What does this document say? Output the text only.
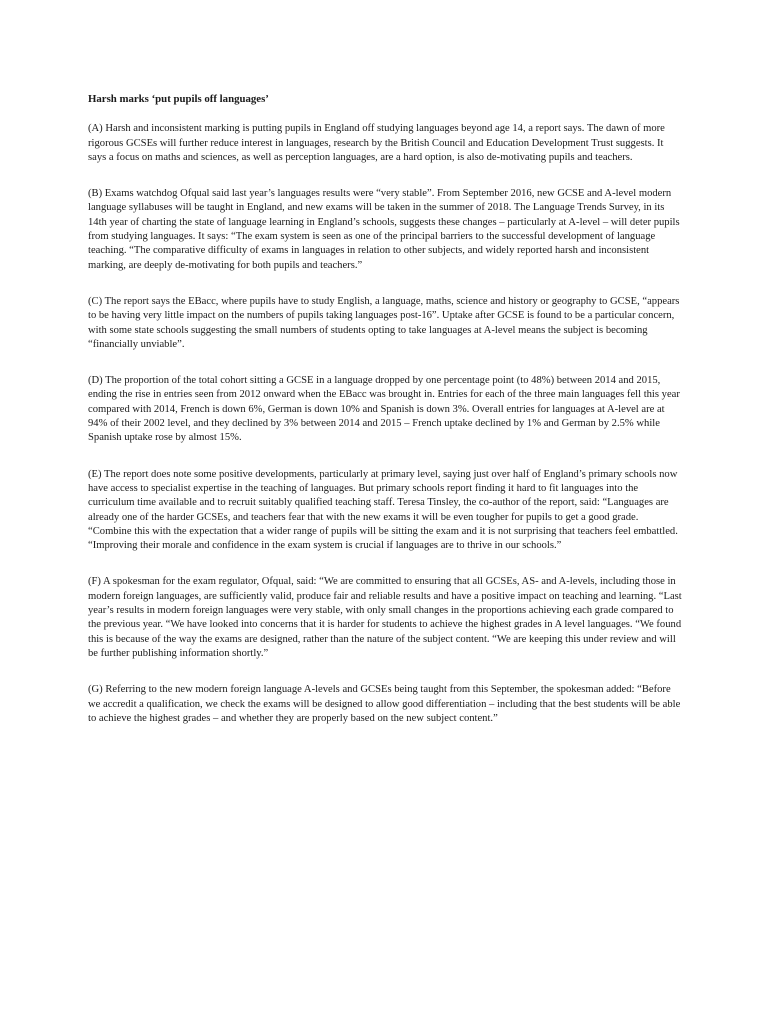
Harsh marks ‘put pupils off languages’

(A) Harsh and inconsistent marking is putting pupils in England off studying languages beyond age 14, a report says. The dawn of more rigorous GCSEs will further reduce interest in languages, research by the British Council and Education Development Trust suggests. It says a focus on maths and sciences, as well as perception languages, are a hard option, is also de-motivating pupils and teachers.

(B) Exams watchdog Ofqual said last year’s languages results were “very stable”. From September 2016, new GCSE and A-level modern language syllabuses will be taught in England, and new exams will be taken in the summer of 2018. The Language Trends Survey, in its 14th year of charting the state of language learning in England’s schools, suggests these changes – particularly at A-level – will deter pupils from studying languages. It says: “The exam system is seen as one of the principal barriers to the successful development of language teaching. “The comparative difficulty of exams in languages in relation to other subjects, and widely reported harsh and inconsistent marking, are deeply de-motivating for both pupils and teachers.”

(C) The report says the EBacc, where pupils have to study English, a language, maths, science and history or geography to GCSE, “appears to be having very little impact on the numbers of pupils taking languages post-16”. Uptake after GCSE is found to be a particular concern, with some state schools suggesting the small numbers of students opting to take languages at A-level means the subject is becoming “financially unviable”.

(D) The proportion of the total cohort sitting a GCSE in a language dropped by one percentage point (to 48%) between 2014 and 2015, ending the rise in entries seen from 2012 onward when the EBacc was brought in. Entries for each of the three main languages fell this year compared with 2014, French is down 6%, German is down 10% and Spanish is down 3%. Overall entries for languages at A-level are at 94% of their 2002 level, and they declined by 3% between 2014 and 2015 – French uptake declined by 1% and German by 2.5% while Spanish uptake rose by almost 15%.

(E) The report does note some positive developments, particularly at primary level, saying just over half of England’s primary schools now have access to specialist expertise in the teaching of languages. But primary schools report finding it hard to fit languages into the curriculum time available and to recruit suitably qualified teaching staff. Teresa Tinsley, the co-author of the report, said: “Languages are already one of the harder GCSEs, and teachers fear that with the new exams it will be even tougher for pupils to get a good grade. “Combine this with the expectation that a wider range of pupils will be sitting the exam and it is not surprising that teachers feel embattled. “Improving their morale and confidence in the exam system is crucial if languages are to thrive in our schools.”

(F) A spokesman for the exam regulator, Ofqual, said: “We are committed to ensuring that all GCSEs, AS- and A-levels, including those in modern foreign languages, are sufficiently valid, produce fair and reliable results and have a positive impact on teaching and learning. “Last year’s results in modern foreign languages were very stable, with only small changes in the proportions achieving each grade compared to the previous year. “We have looked into concerns that it is harder for students to achieve the highest grades in A level languages. “We found this is because of the way the exams are designed, rather than the nature of the subject content. “We are keeping this under review and will be further publishing information shortly.”

(G) Referring to the new modern foreign language A-levels and GCSEs being taught from this September, the spokesman added: “Before we accredit a qualification, we check the exams will be designed to allow good differentiation – including that the best students will be able to achieve the highest grades – and whether they are properly based on the new subject content.”
